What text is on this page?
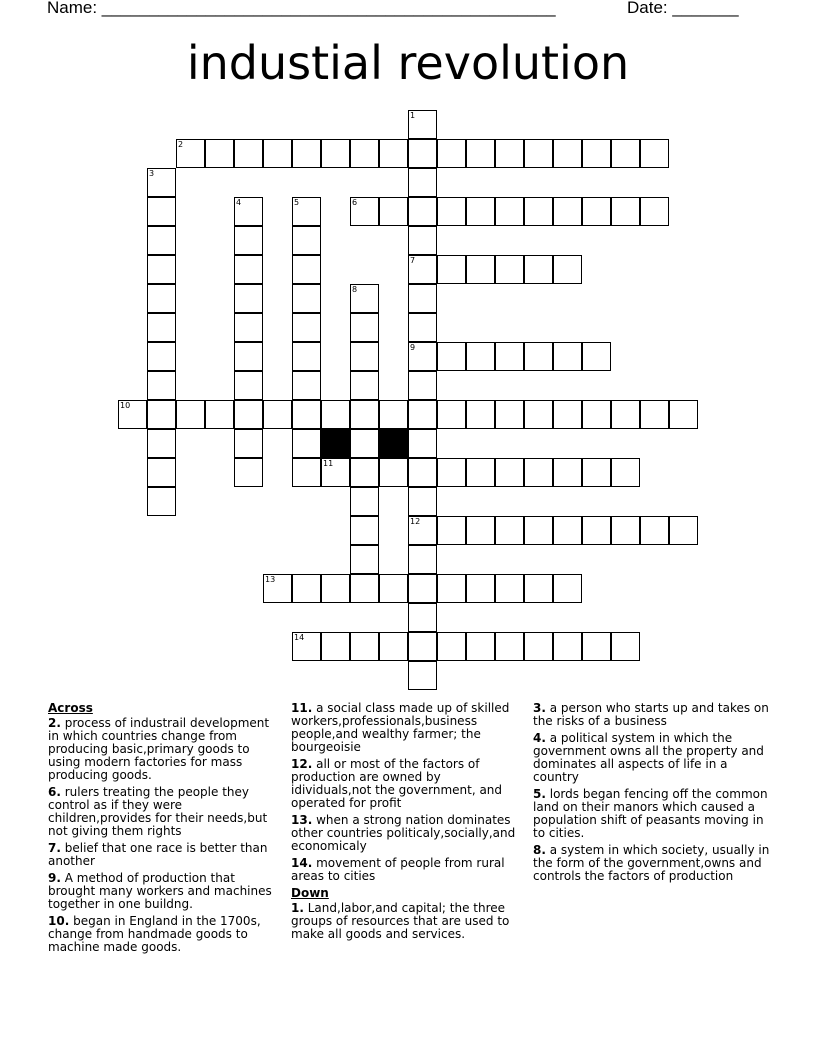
Name: ________________________________________________	Date: _______
industial revolution
1
2
3
4	5	6
7
8
9
10
11
12
13
14
Across

2. process of industrail development in which countries change from producing basic,primary goods to using modern factories for mass producing goods.

6. rulers treating the people they control as if they were children,provides for their needs,but not giving them rights

7. belief that one race is better than another

9. A method of production that brought many workers and machines together in one buildng.

10. began in England in the 1700s, change from handmade goods to machine made goods.

11. a social class made up of skilled workers,professionals,business people,and wealthy farmer; the bourgeoisie

12. all or most of the factors of production are owned by idividuals,not the government, and operated for profit

13. when a strong nation dominates other countries politicaly,socially,and economicaly

14. movement of people from rural areas to cities

Down

1. Land,labor,and capital; the three groups of resources that are used to make all goods and services.

3. a person who starts up and takes on the risks of a business

4. a political system in which the government owns all the property and dominates all aspects of life in a country

5. lords began fencing off the common land on their manors which caused a population shift of peasants moving in to cities.

8. a system in which society, usually in the form of the government,owns and controls the factors of production
